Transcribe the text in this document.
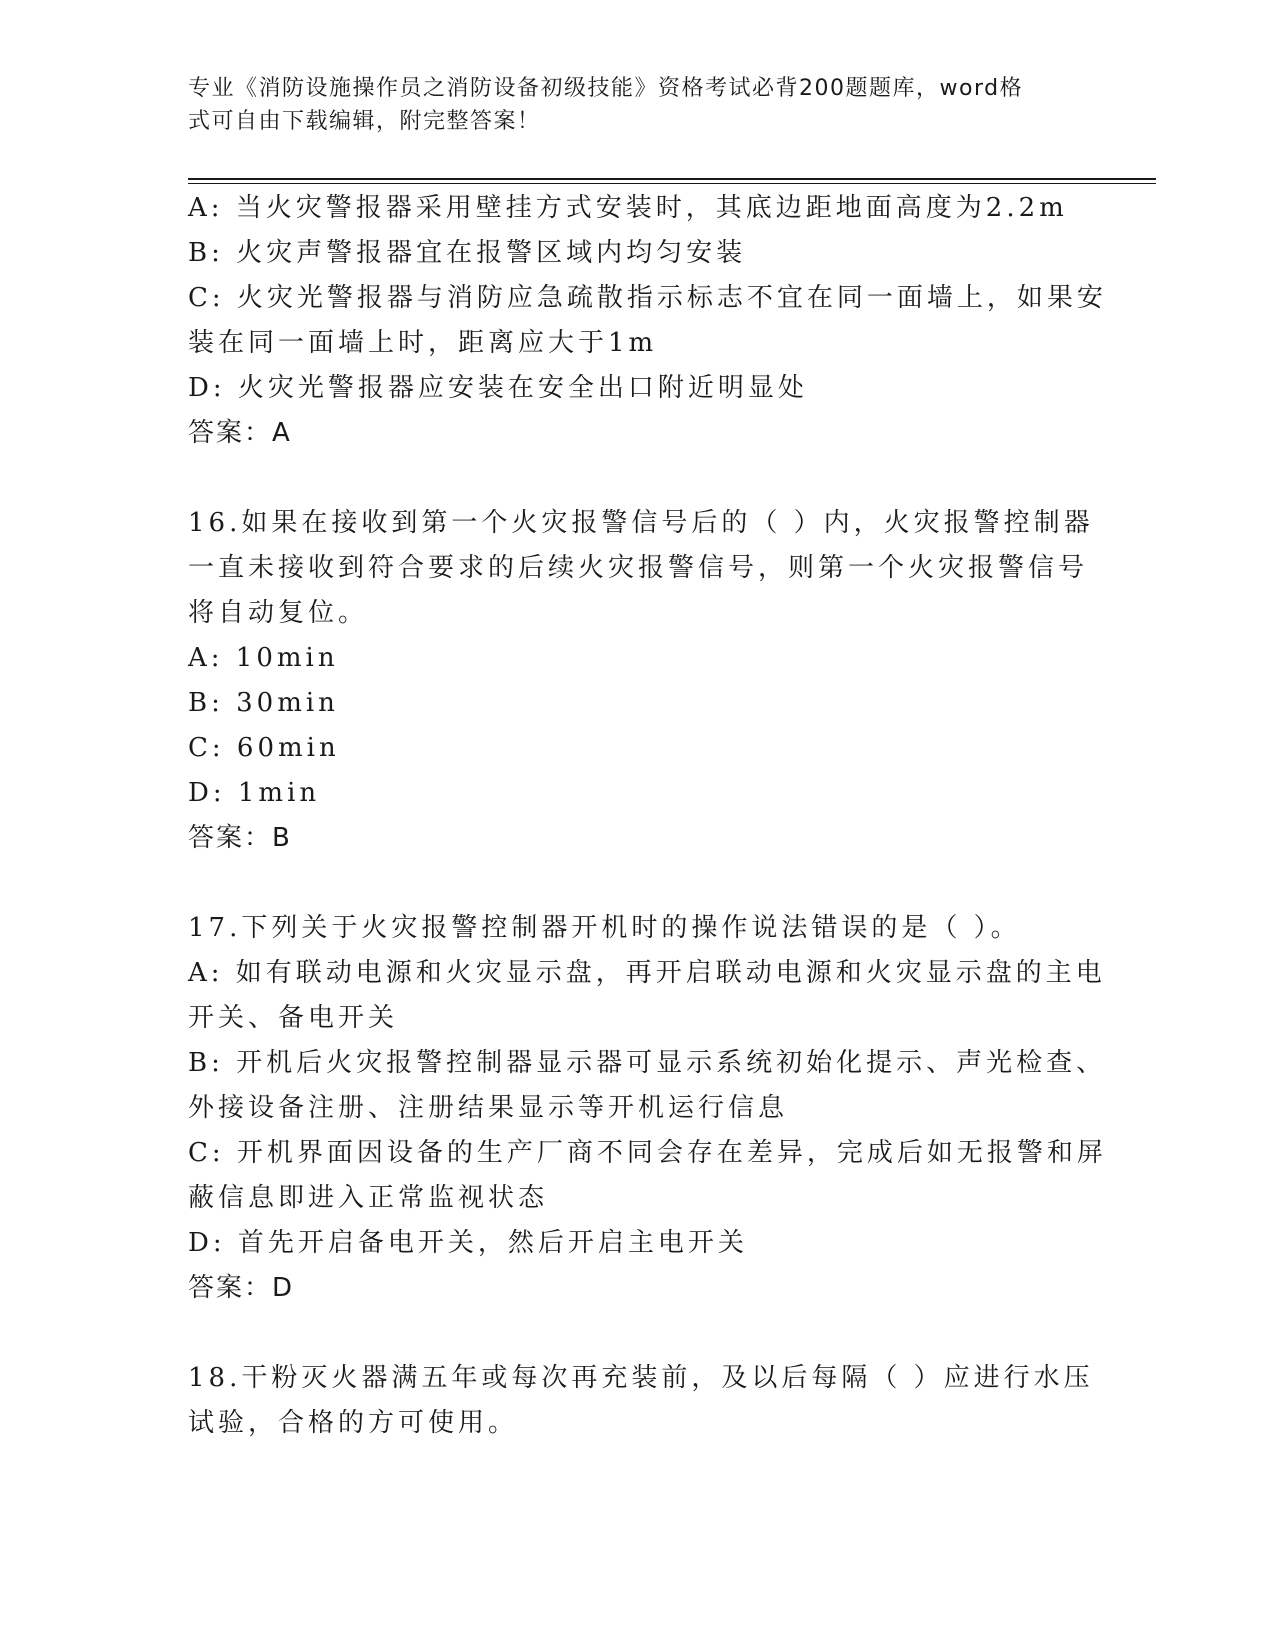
专业《消防设施操作员之消防设备初级技能》资格考试必背200题题库，word格
式可自由下载编辑，附完整答案！
A: 当火灾警报器采用壁挂方式安装时，其底边距地面高度为2.2m
B: 火灾声警报器宜在报警区域内均匀安装
C: 火灾光警报器与消防应急疏散指示标志不宜在同一面墙上，如果安
装在同一面墙上时，距离应大于1m
D: 火灾光警报器应安装在安全出口附近明显处
答案：A
16.如果在接收到第一个火灾报警信号后的（ ）内，火灾报警控制器
一直未接收到符合要求的后续火灾报警信号，则第一个火灾报警信号
将自动复位。
A: 10min
B: 30min
C: 60min
D: 1min
答案：B
17.下列关于火灾报警控制器开机时的操作说法错误的是（ ）。
A: 如有联动电源和火灾显示盘，再开启联动电源和火灾显示盘的主电
开关、备电开关
B: 开机后火灾报警控制器显示器可显示系统初始化提示、声光检查、
外接设备注册、注册结果显示等开机运行信息
C: 开机界面因设备的生产厂商不同会存在差异，完成后如无报警和屏
蔽信息即进入正常监视状态
D: 首先开启备电开关，然后开启主电开关
答案：D
18.干粉灭火器满五年或每次再充装前，及以后每隔（ ）应进行水压
试验，合格的方可使用。
